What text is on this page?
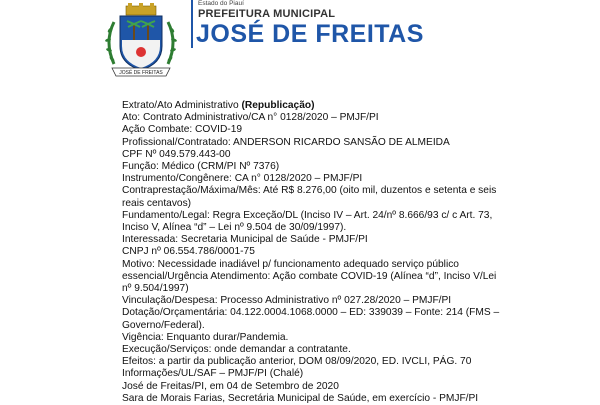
JOSÉ DE FREITAS
Estado do Piauí
PREFEITURA MUNICIPAL
JOSÉ DE FREITAS

Extrato/Ato Administrativo (Republicação)

Ato: Contrato Administrativo/CA n° 0128/2020 – PMJF/PI

Ação Combate: COVID-19

Profissional/Contratado: ANDERSON RICARDO SANSÃO DE ALMEIDA

CPF Nº 049.579.443-00

Função: Médico (CRM/PI Nº 7376)

Instrumento/Congênere: CA n° 0128/2020 – PMJF/PI

Contraprestação/Máxima/Mês: Até R$ 8.276,00 (oito mil, duzentos e setenta e seis reais centavos)

Fundamento/Legal: Regra Exceção/DL (Inciso IV – Art. 24/nº 8.666/93 c/ c Art. 73, Inciso V, Alínea “d” – Lei nº 9.504 de 30/09/1997).

Interessada: Secretaria Municipal de Saúde - PMJF/PI

CNPJ nº 06.554.786/0001-75

Motivo: Necessidade inadiável p/ funcionamento adequado serviço público essencial/Urgência Atendimento: Ação combate COVID-19 (Alínea “d”, Inciso V/Lei nº 9.504/1997)

Vinculação/Despesa: Processo Administrativo nº 027.28/2020 – PMJF/PI

Dotação/Orçamentária: 04.122.0004.1068.0000 – ED: 339039 – Fonte: 214 (FMS – Governo/Federal).

Vigência: Enquanto durar/Pandemia.

Execução/Serviços: onde demandar a contratante.

Efeitos: a partir da publicação anterior, DOM 08/09/2020, ED. IVCLI, PÁG. 70

Informações/UL/SAF – PMJF/PI (Chalé)

José de Freitas/PI, em 04 de Setembro de 2020

Sara de Morais Farias, Secretária Municipal de Saúde, em exercício - PMJF/PI
